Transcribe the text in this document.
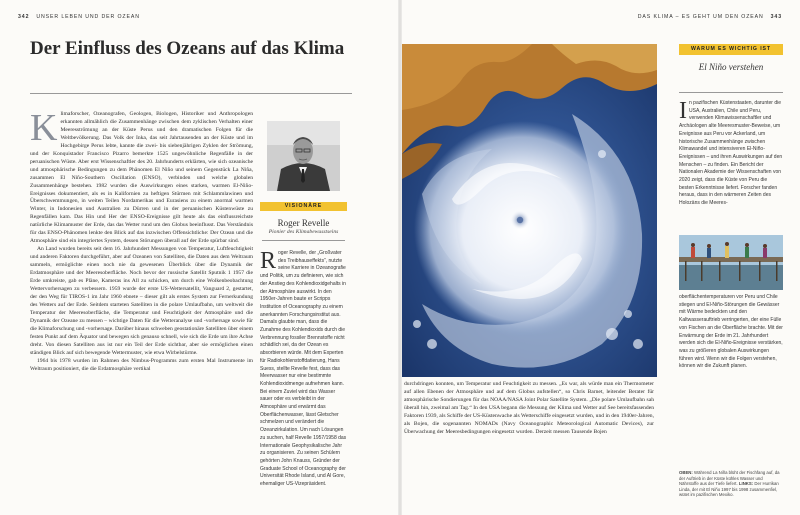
342 UNSER LEBEN UND DER OZEAN	DAS KLIMA – ES GEHT UM DEN OZEAN 343
Der Einfluss des Ozeans auf das Klima
K limaforscher, Ozeanografen, Geologen, Biologen, Historiker und Anthropologen erkannten allmählich die Zusammenhänge zwischen dem zyklischen Verhalten einer Meeresströmung an der Küste Perus und den dramatischen Folgen für die Weltbevölkerung. Das Volk der Inka, das seit Jahrtausenden an der Küste und im Hochgebirge Perus lebte, kannte die zwei- bis siebenjährigen Zyklen der Strömung, und der Konquistador Francisco Pizarro bemerkte 1525 ungewöhnliche Regenfälle in der peruanischen Wüste. Aber erst Wissenschaftler des 20. Jahrhunderts erklärten, wie sich ozeanische und atmosphärische Bedingungen zu dem Phänomen El Niño und seinem Gegenstück La Niña, zusammen El Niño-Southern Oscillation (ENSO), verbinden und welche globalen Zusammenhänge bestehen. 1982 wurden die Auswirkungen eines starken, warmen El-Niño-Ereignisses dokumentiert, als es in Kalifornien zu heftigen Stürmen mit Schlammlawinen und Überschwemmungen, in weiten Teilen Nordamerikas und Eurasiens zu einem anormal warmen Winter, in Indonesien und Australien zu Dürren und in der peruanischen Küstenwüste zu Regenfällen kam. Das Hin und Her der ENSO-Ereignisse gilt heute als das einflussreichste natürliche Klimamuster der Erde, das das Wetter rund um den Globus beeinflusst. Das Verständnis für das ENSO-Phänomen lenkte den Blick auf das inzwischen Offensichtliche: Der Ozean und die Atmosphäre sind ein integriertes System, dessen Störungen überall auf der Erde spürbar sind.

An Land wurden bereits seit dem 16. Jahrhundert Messungen von Temperatur, Luftfeuchtigkeit und anderen Faktoren durchgeführt, aber auf Ozeanen von Satelliten, die Daten aus dem Weltraum sammeln, ermöglichte einen noch nie da gewesenen Überblick über die Dynamik der Erdatmosphäre und der Meeresoberfläche. Noch bevor der russische Satellit Sputnik 1 1957 die Erde umkreiste, gab es Pläne, Kameras ins All zu schicken, um durch eine Wolkenbeobachtung Wettervorhersagen zu verbessern. 1959 wurde der erste US-Wettersatellit, Vanguard 2, gestartet, der den Weg für TIROS-1 im Jahr 1960 ebnete – dieser gilt als erstes System zur Fernerkundung des Wetters auf der Erde. Seitdem starteten Satelliten in die polare Umlaufbahn, um weltweit die Temperatur der Meeresoberfläche, die Temperatur und Feuchtigkeit der Atmosphäre und die Dynamik der Ozeane zu messen – wichtige Daten für die Wetteranalyse und -vorhersage sowie für die Klimaforschung und -vorhersage. Darüber hinaus schweben geostationäre Satelliten über einem festen Punkt auf dem Äquator und bewegen sich genauso schnell, wie sich die Erde um ihre Achse dreht. Von diesen Satelliten aus ist nur ein Teil der Erde sichtbar, aber sie ermöglichen einen ständigen Blick auf sich bewegende Wettermuster, wie etwa Wirbelstürme.

1964 bis 1978 wurden im Rahmen des Nimbus-Programms zum ersten Mal Instrumente im Weltraum positioniert, die die Erdatmosphäre vertikal

VISIONÄRE
Roger Revelle
Pionier des Klimabewusstseins
R oger Revelle, der „Großvater des Treibhauseffekts“, nutzte seine Karriere in Ozeanografie und Politik, um zu definieren, wie sich der Anstieg des Kohlendioxidgehalts in der Atmosphäre auswirkt. In den 1950er-Jahren baute er Scripps Institution of Oceanography zu einem anerkannten Forschungsinstitut aus. Damals glaubte man, dass die Zunahme des Kohlendioxids durch die Verbrennung fossiler Brennstoffe nicht schädlich sei, da der Ozean es absorbieren würde. Mit dem Experten für Radiokohlenstoffdatierung, Hans Suess, stellte Revelle fest, dass das Meerwasser nur eine bestimmte Kohlendioxidmenge aufnehmen kann. Bei einem Zuviel wird das Wasser sauer oder es verbleibt in der Atmosphäre und erwärmt das Oberflächenwasser, lässt Gletscher schmelzen und verändert die Ozeanzirkulation. Um nach Lösungen zu suchen, half Revelle 1957/1958 das Internationale Geophysikalische Jahr zu organisieren. Zu seinen Schülern gehörten John Knauss, Gründer der Graduate School of Oceanography der Universität Rhode Island, und Al Gore, ehemaliger US-Vizepräsident.

durchdringen konnten, um Temperatur und Feuchtigkeit zu messen. „Es war, als würde man ein Thermometer auf allen Ebenen der Atmosphäre und auf dem Globus aufstellen“, so Chris Barnet, leitender Berater für atmosphärische Sondierungen für das NOAA/NASA Joint Polar Satellite System. „Die polare Umlaufbahn sah überall hin, zweimal am Tag.“ In den USA begann die Messung der Klima und Wetter auf See bereitsfassenden Faktoren 1939, als Schiffe der US-Küstenwache als Wetterschiffe eingesetzt wurden, und in den 1940er-Jahren, als Bojen, die sogenannten NOMADs (Navy Oceanographic Meteorological Automatic Devices), zur Überwachung der Meeresbedingungen eingesetzt wurden. Derzeit messen Tausende Bojen

WARUM ES WICHTIG IST
El Niño verstehen
I n pazifischen Küstenstaaten, darunter die USA, Australien, Chile und Peru, verwenden Klimawissenschaftler und Archäologen alte Meeresmuster-Beweise, um Ereignisse aus Peru vor Ackerland, um historische Zusammenhänge zwischen Klimawandel und intensiveren El-Niño-Ereignissen – und ihren Auswirkungen auf den Menschen – zu finden. Ein Bericht der Nationalen Akademie der Wissenschaften von 2020 zeigt, dass die Küste von Peru die besten Erkenntnisse liefert. Forscher fanden heraus, dass in den wärmeren Zeiten des Holozäns die Meeres-
oberflächentemperaturen vor Peru und Chile stiegen und El-Niño-Störungen die Gewässer mit Wärme bedeckten und den Kaltwasserauftrieb verringerten, der eine Fülle von Fischen an die Oberfläche brachte. Mit der Erwärmung der Erde im 21. Jahrhundert werden sich die El-Niño-Ereignisse verstärken, was zu größeren globalen Auswirkungen führen wird. Wenn wir die Folgen verstehen, können wir die Zukunft planen.
OBEN: Während La Niña blüht der Fischfang auf, da der Auftrieb in der Küste kühles Wasser und Nährstoffe aus der Tiefe liefert. LINKS: Der Hurrikan Linda, der mit El Niño 1997 bis 1998 zusammenfiel, wütet im pazifischen Mexiko.
